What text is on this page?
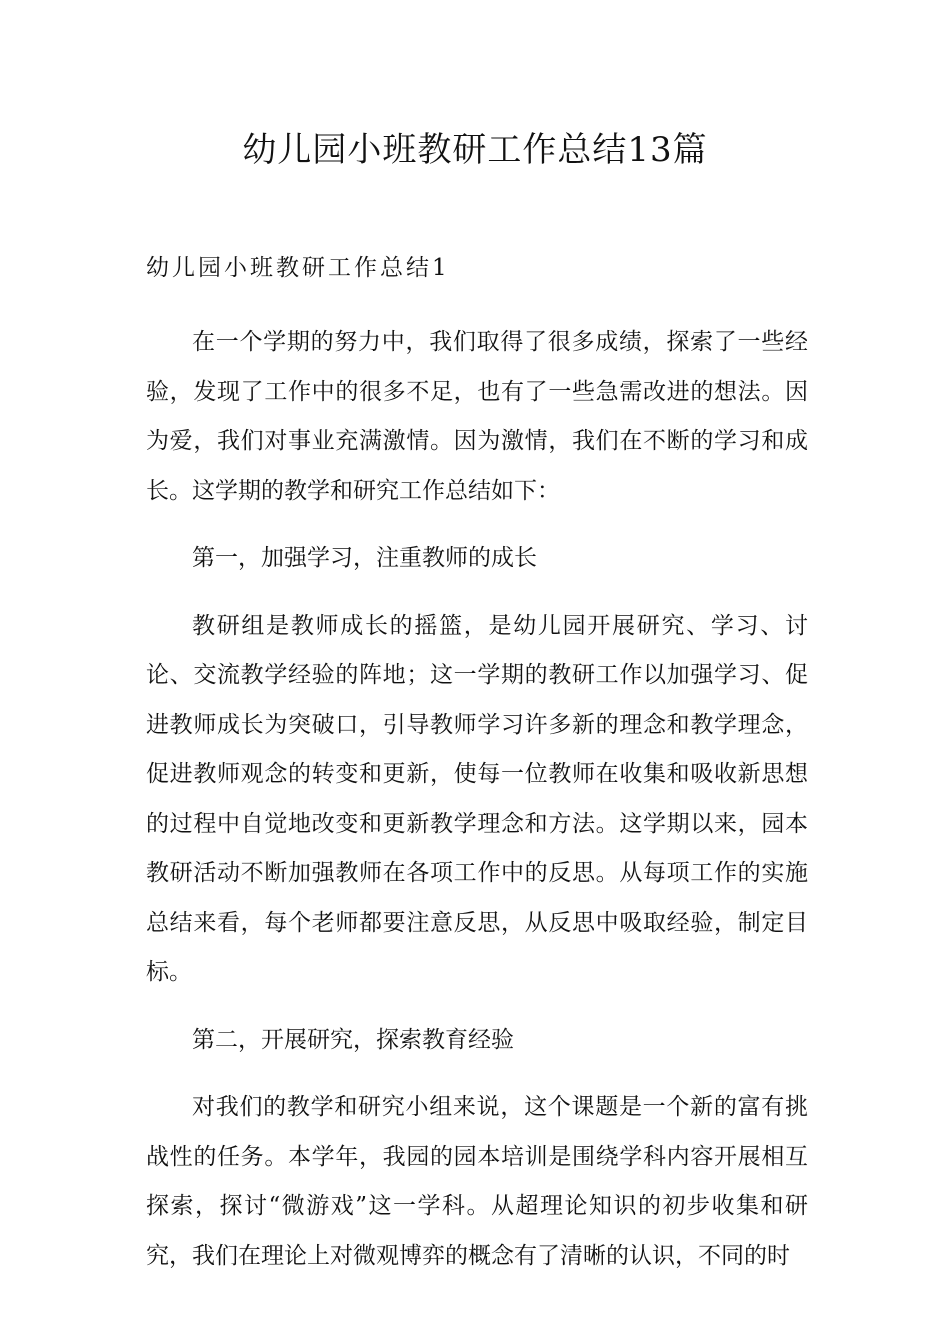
幼儿园小班教研工作总结13篇
幼儿园小班教研工作总结1

在一个学期的努力中，我们取得了很多成绩，探索了一些经验，发现了工作中的很多不足，也有了一些急需改进的想法。因为爱，我们对事业充满激情。因为激情，我们在不断的学习和成长。这学期的教学和研究工作总结如下：

第一，加强学习，注重教师的成长

教研组是教师成长的摇篮，是幼儿园开展研究、学习、讨论、交流教学经验的阵地；这一学期的教研工作以加强学习、促进教师成长为突破口，引导教师学习许多新的理念和教学理念，促进教师观念的转变和更新，使每一位教师在收集和吸收新思想的过程中自觉地改变和更新教学理念和方法。这学期以来，园本教研活动不断加强教师在各项工作中的反思。从每项工作的实施总结来看，每个老师都要注意反思，从反思中吸取经验，制定目标。

第二，开展研究，探索教育经验

对我们的教学和研究小组来说，这个课题是一个新的富有挑战性的任务。本学年，我园的园本培训是围绕学科内容开展相互探索，探讨“微游戏”这一学科。从超理论知识的初步收集和研究，我们在理论上对微观博弈的概念有了清晰的认识，不同的时
